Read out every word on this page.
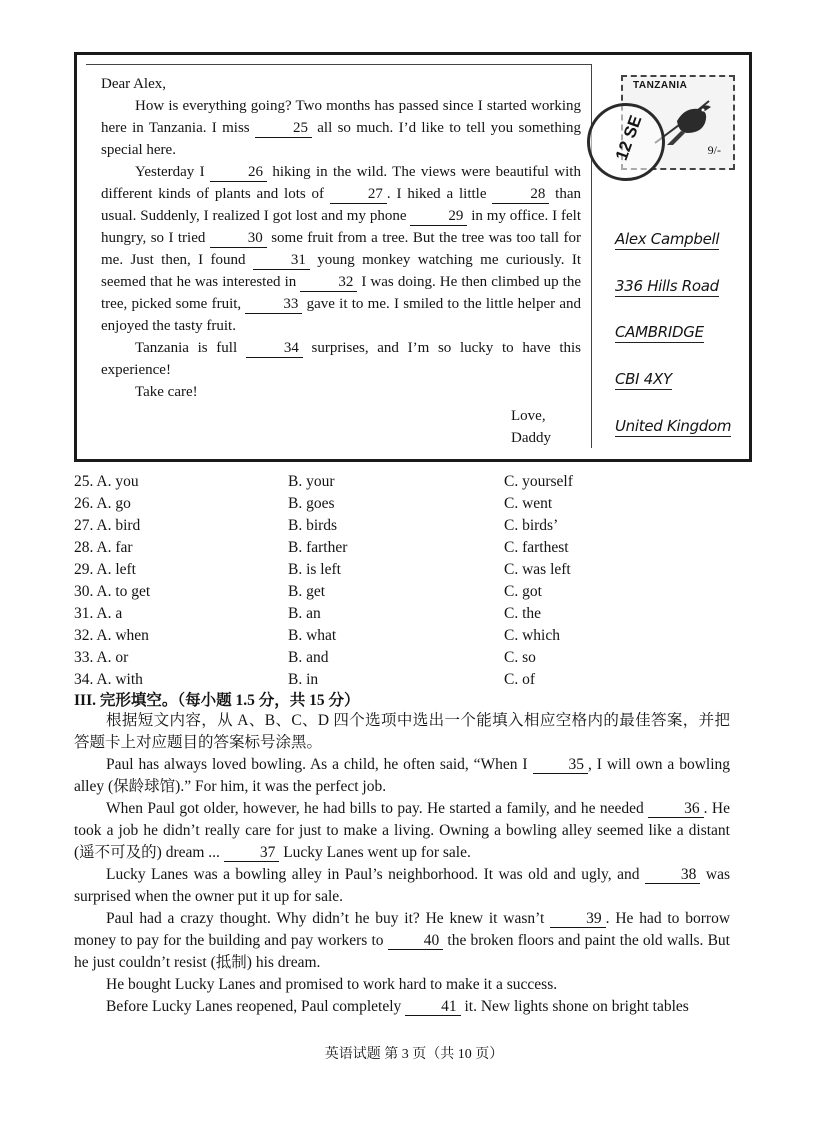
Dear Alex,

How is everything going? Two months has passed since I started working here in Tanzania. I miss	25 all so much. I’d like to tell you something special here.

Yesterday I	26 hiking in the wild. The views were beautiful with different kinds of plants and lots of	27 . I hiked a little	28 than usual. Suddenly, I realized I got lost and my phone	29 in my office. I felt hungry, so I tried	30 some fruit from a tree. But the tree was too tall for me. Just then, I found	31 young monkey watching me curiously. It seemed that he was interested in	32 I was doing. He then climbed up the tree, picked some fruit,	33 gave it to me. I smiled to the little helper and enjoyed the tasty fruit.

Tanzania is full	34 surprises, and I’m so lucky to have this experience!

Take care!

Love,
Daddy
TANZANIA
9/-
12 SE
Alex Campbell
336 Hills Road
CAMBRIDGE
CBI 4XY
United Kingdom
25. A. you	B. your	C. yourself
26. A. go	B. goes	C. went
27. A. bird	B. birds	C. birds’
28. A. far	B. farther	C. farthest
29. A. left	B. is left	C. was left
30. A. to get	B. get	C. got
31. A. a	B. an	C. the
32. A. when	B. what	C. which
33. A. or	B. and	C. so
34. A. with	B. in	C. of
III. 完形填空。（每小题 1.5 分，共 15 分）

根据短文内容，从 A、B、C、D 四个选项中选出一个能填入相应空格内的最佳答案，并把答题卡上对应题目的答案标号涂黑。

Paul has always loved bowling. As a child, he often said, “When I 35 , I will own a bowling alley (保龄球馆).” For him, it was the perfect job.

When Paul got older, however, he had bills to pay. He started a family, and he needed 36 . He took a job he didn’t really care for just to make a living. Owning a bowling alley seemed like a distant (遥不可及的) dream ... 37 Lucky Lanes went up for sale.

Lucky Lanes was a bowling alley in Paul’s neighborhood. It was old and ugly, and 38 was surprised when the owner put it up for sale.

Paul had a crazy thought. Why didn’t he buy it? He knew it wasn’t 39 . He had to borrow money to pay for the building and pay workers to 40 the broken floors and paint the old walls. But he just couldn’t resist (抵制) his dream.

He bought Lucky Lanes and promised to work hard to make it a success.

Before Lucky Lanes reopened, Paul completely 41 it. New lights shone on bright tables

英语试题 第 3 页（共 10 页）
